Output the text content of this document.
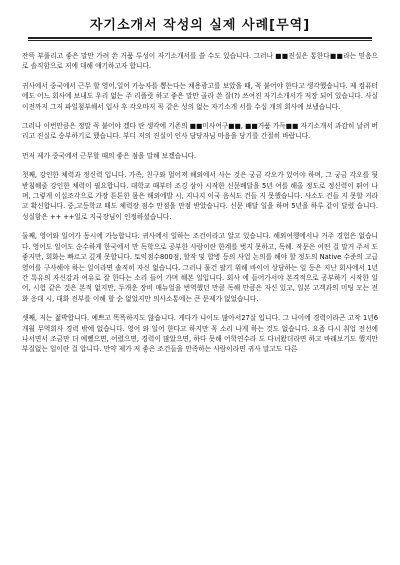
자기소개서 작성의 실제 사례[무역]

잔뜩 부풀리고 좋은 말만 가려 쓴 거품 투성이 자기소개서를 쓸 수도 있습니다. 그러나 ■■진실은 통한다■■라는 믿음으로 솔직함으로 저에 대해 얘기하고자 합니다.

귀사에서 중국에서 근무 할 영어,일어 가능자를 뽑는다는 채용광고를 보았을 때, 꼭 붙어야 한다고 생각했습니다. 제 컴퓨터에도 어느 회사에 보내도 우리 없는 주 리플랏 하고 좋은 말만 골라 쓴 잘(?) 쓰여진 자기소개서가 저장 되어 있습니다. 사실 이전까지 그저 파일첨부해서 입사 후 각오마저 꼭 같은 성의 없는 자기소개 서를 수십 개의 회사에 보냈습니다.

그러나 이번만큼은 정말 꼭 붙어야 겠다 란 생각에 기존의 ■■미사여구■■, ■■거품 가득■■ 자기소개서 과감히 날려 버리고 진실로 승부하기로 했습니다. 부디 저의 진실이 인사 담당자님 마음을 당기를 간절히 바랍니다.

먼저 제가 중국에서 근무할 때의 좋은 점을 말해 보겠습니다.

첫째, 강인한 체력과 정신력 입니다. 가족, 친구와 멀어져 해외에서 사는 것은 궁금 각오가 있어야 하며, 그 궁금 각오를 뒷받침해줄 강인한 체력이 필요합니다. 대학교 때부터 조깅 삼아 시작한 신문배달을 5년 여를 해올 정도로 정신력이 뛰어 나며, 그렇게 이십조각으로 가장 튼튼한 몸은 해외에발 시, 지나지 이국 음식도 건들 지 못했습니다. 사소도 건들 지 못할 거라고 확신합니다. 중,고등학교 때도 체력장 점수 만점을 만점 받았습니다. 신문 배달 일을 하며 5년을 하루 같이 달렸 습니다. 성실함은 ++ ++일로 지국장님이 인정하셨습니다.

둘째, 영어와 일어가 동시에 가능합니다. 귀사에서 일하는 조건이라고 알고 있습니다. 해외여행에서나 거주 경험은 없습니다. 영어도 일어도 순수하게 한국에서 만 독학으로 공부한 사람이란 한계를 벗지 못하고, 독해. 작문은 어떤 걸 말거 주셔 도 좋지만, 회화는 빠르고 깊게 못합니다. 토익점수800점, 할작 및 합병 등의 사업 논의를 해야 할 정도의 Native 수준의 고급영어를 구사해야 하는 일이라면 솔직히 자신 없습니다. 그러나 물건 팔기 위해 바이어 상담하는 일 등은 지난 회사에서 1년간 특유의 자신감과 여유로 잘 한다는 소리 들어 가며 해본 일입니다. 회사 에 들어가서야 본격적으로 공부하기 시작한 일어, 시험 같은 것은 본적 없지만, 두개운 장비 매뉴얼을 번역했던 만큼 독해 만큼은 자신 있고, 일본 고객과의 미팅 모는 전화 응대 시, 대화 전부를 이해 할 순 없었지만 의사소통에는 큰 문제가 없었습니다.

셋째, 저는 젊박합니다. 예쁘고 똑똑하지도 않습니다. 게다가 나이도 많아서27살 입니다. 그 나이에 경력이라곤 고작 1년6개월 무역회사 경력 밖에 없습니다. 영어 와 일어 한다고 하지만 꼭 소리 나게 하는 것도 없습니다. 요즘 다시 취업 전선에 나서면서 조금만 더 예뻤으면, 어렸으면, 경력이 많았으면, 하다 못해 어학연수라 도 다녀왔더라면 하고 바래보기도 했지만 부질없는 일이란 걸 압니다. 만약 제가 저 좋은 조건들을 만족하는 사람이라면 귀사 말고도 다른
